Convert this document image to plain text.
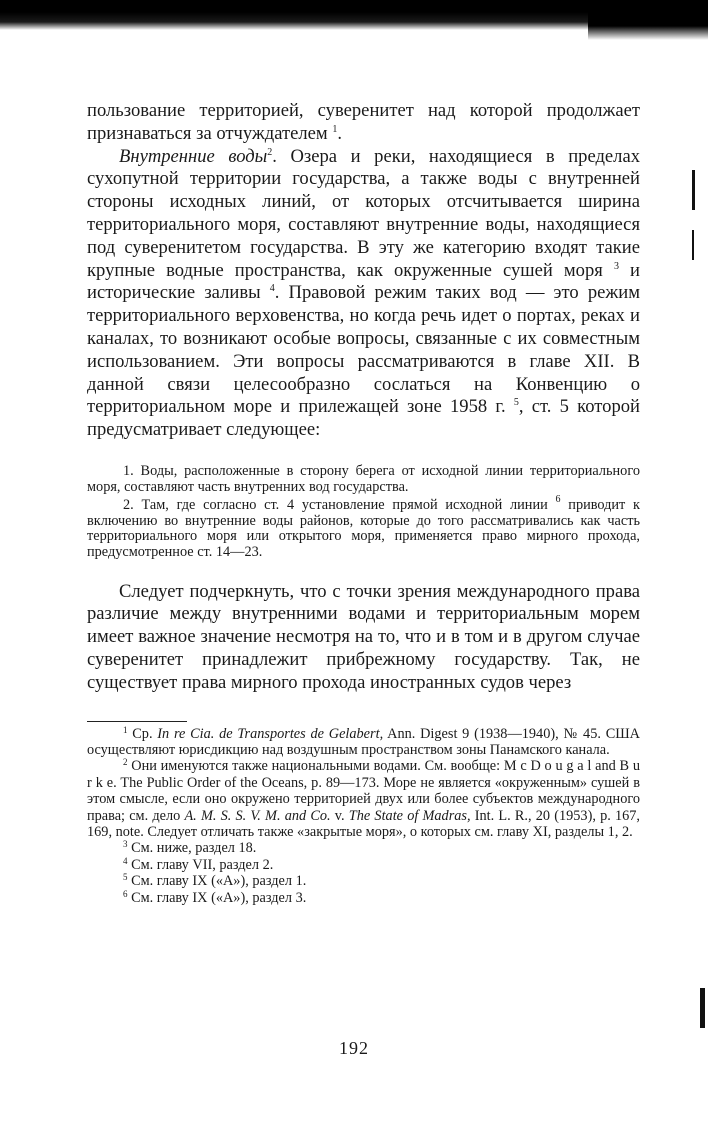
пользование территорией, суверенитет над которой продолжает признаваться за отчуждателем $^1$.

Внутренние воды$^2$. Озера и реки, находящиеся в пределах сухопутной территории государства, а также воды с внутренней стороны исходных линий, от которых отсчитывается ширина территориального моря, составляют внутренние воды, находящиеся под суверенитетом государства. В эту же категорию входят такие крупные водные пространства, как окруженные сушей моря $^3$ и исторические заливы $^4$. Правовой режим таких вод — это режим территориального верховенства, но когда речь идет о портах, реках и каналах, то возникают особые вопросы, связанные с их совместным использованием. Эти вопросы рассматриваются в главе XII. В данной связи целесообразно сослаться на Конвенцию о территориальном море и прилежащей зоне 1958 г. $^5$, ст. 5 которой предусматривает следующее:

1. Воды, расположенные в сторону берега от исходной линии территориального моря, составляют часть внутренних вод государства.

2. Там, где согласно ст. 4 установление прямой исходной линии $^6$ приводит к включению во внутренние воды районов, которые до того рассматривались как часть территориального моря или открытого моря, применяется право мирного прохода, предусмотренное ст. 14—23.

Следует подчеркнуть, что с точки зрения международного права различие между внутренними водами и территориальным морем имеет важное значение несмотря на то, что и в том и в другом случае суверенитет принадлежит прибрежному государству. Так, не существует права мирного прохода иностранных судов через

$^1$ Cp. In re Cia. de Transportes de Gelabert, Ann. Digest 9 (1938—1940), № 45. США осуществляют юрисдикцию над воздушным пространством зоны Панамского канала.

$^2$ Они именуются также национальными водами. См. вообще: M c D o u g a l and B u r k e. The Public Order of the Oceans, p. 89—173. Море не является «окруженным» сушей в этом смысле, если оно окружено территорией двух или более субъектов международного права; см. дело A. M. S. S. V. M. and Co. v. The State of Madras, Int. L. R., 20 (1953), p. 167, 169, note. Следует отличать также «закрытые моря», о которых см. главу XI, разделы 1, 2.

$^3$ См. ниже, раздел 18.

$^4$ См. главу VII, раздел 2.

$^5$ См. главу IX («A»), раздел 1.

$^6$ См. главу IX («A»), раздел 3.

192
